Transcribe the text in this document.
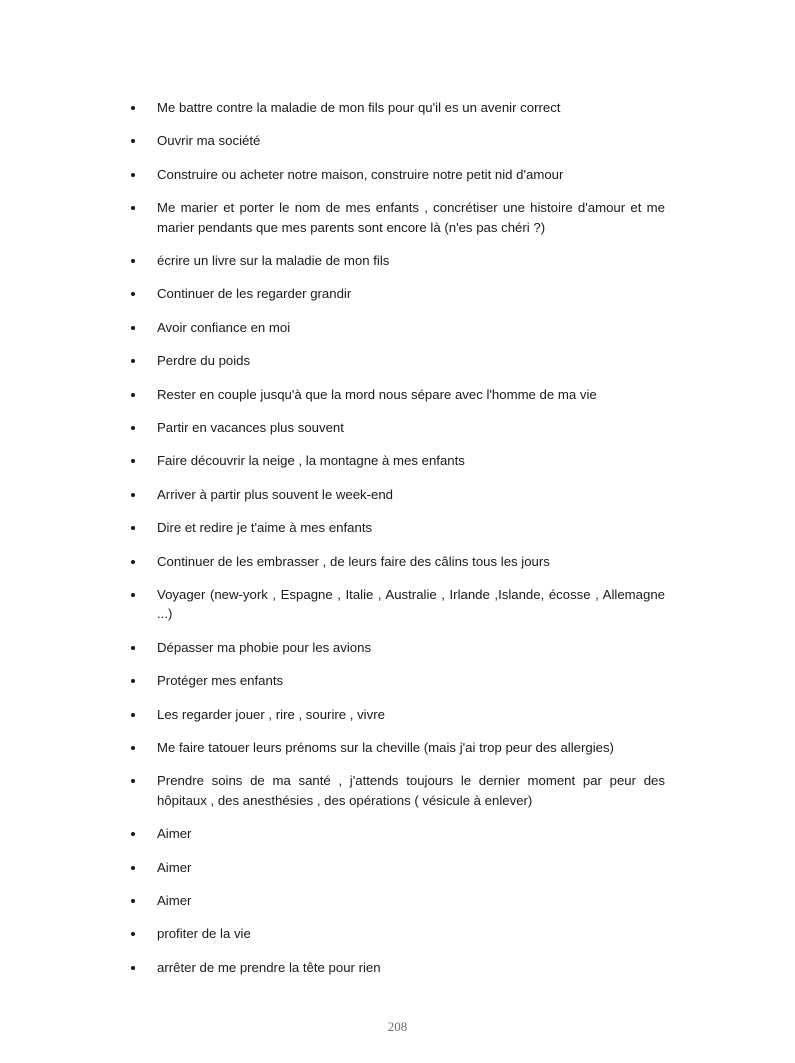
Me battre contre la maladie de mon fils pour qu'il es un avenir correct
Ouvrir ma société
Construire ou acheter notre maison, construire notre petit nid d'amour
Me marier et porter le nom de mes enfants , concrétiser une histoire d'amour et me marier pendants que mes parents sont encore là (n'es pas chéri ?)
écrire un livre sur la maladie de mon fils
Continuer de les regarder grandir
Avoir confiance en moi
Perdre du poids
Rester en couple jusqu'à que la mord nous sépare avec l'homme de ma vie
Partir en vacances plus souvent
Faire découvrir la neige , la montagne à mes enfants
Arriver à partir plus souvent le week-end
Dire et redire je t'aime à mes enfants
Continuer de les embrasser , de leurs faire des câlins tous les jours
Voyager (new-york , Espagne , Italie , Australie , Irlande ,Islande, écosse , Allemagne ...)
Dépasser ma phobie pour les avions
Protéger mes enfants
Les regarder jouer , rire , sourire , vivre
Me faire tatouer leurs prénoms sur la cheville (mais j'ai trop peur des allergies)
Prendre soins de ma santé , j'attends toujours le dernier moment par peur des hôpitaux , des anesthésies , des opérations ( vésicule à enlever)
Aimer
Aimer
Aimer
profiter de la vie
arrêter de me prendre la tête pour rien
208
